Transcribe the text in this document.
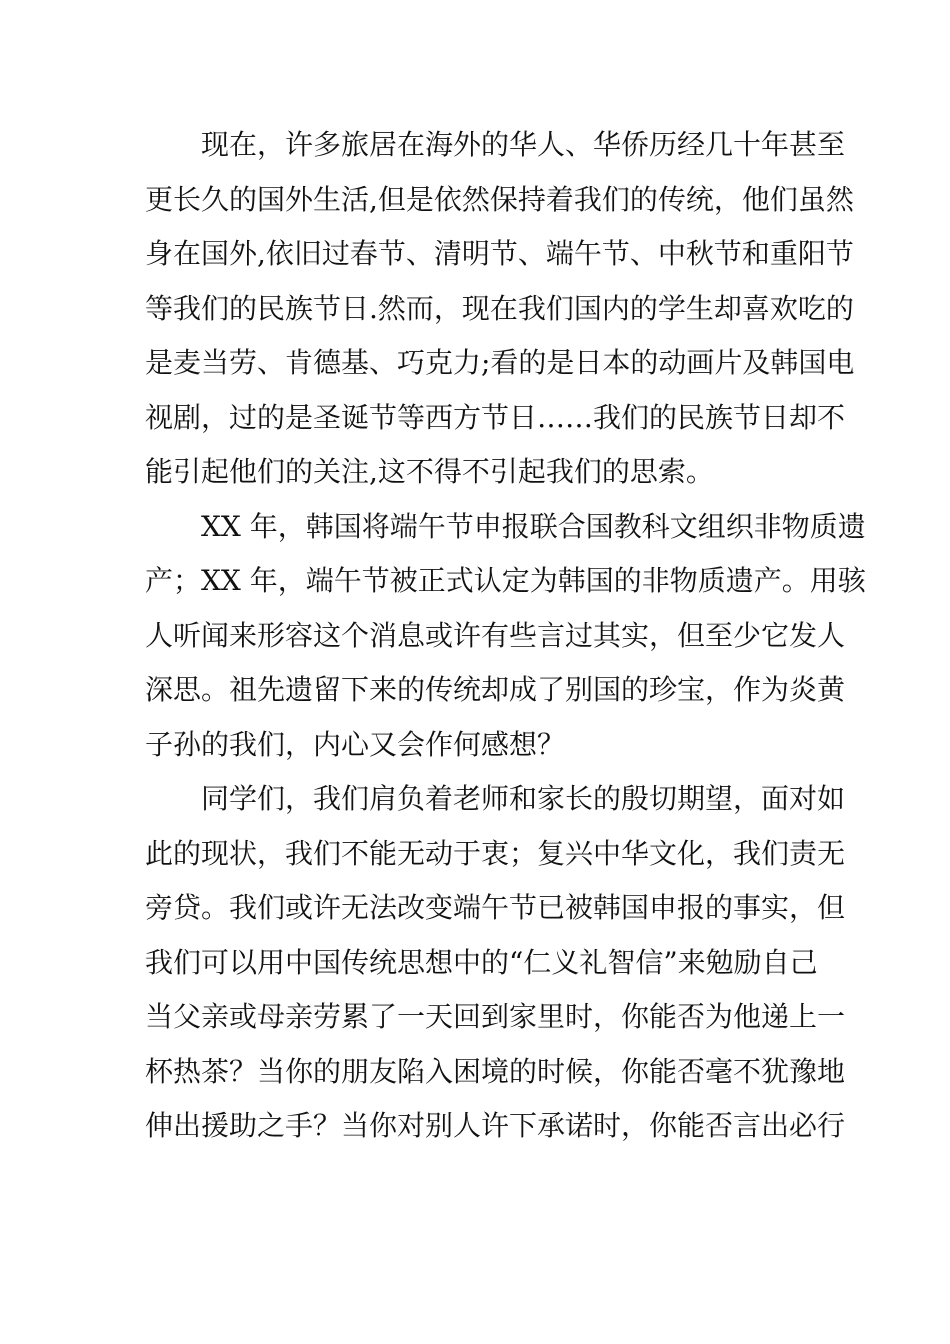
现在，许多旅居在海外的华人、华侨历经几十年甚至
更长久的国外生活,但是依然保持着我们的传统，他们虽然
身在国外,依旧过春节、清明节、端午节、中秋节和重阳节
等我们的民族节日.然而，现在我们国内的学生却喜欢吃的
是麦当劳、肯德基、巧克力;看的是日本的动画片及韩国电
视剧，过的是圣诞节等西方节日……我们的民族节日却不
能引起他们的关注,这不得不引起我们的思索。
XX 年，韩国将端午节申报联合国教科文组织非物质遗
产；XX 年，端午节被正式认定为韩国的非物质遗产。用骇
人听闻来形容这个消息或许有些言过其实，但至少它发人
深思。祖先遗留下来的传统却成了别国的珍宝，作为炎黄
子孙的我们，内心又会作何感想？
同学们，我们肩负着老师和家长的殷切期望，面对如
此的现状，我们不能无动于衷；复兴中华文化，我们责无
旁贷。我们或许无法改变端午节已被韩国申报的事实，但
我们可以用中国传统思想中的“仁义礼智信”来勉励自己
当父亲或母亲劳累了一天回到家里时，你能否为他递上一
杯热茶？当你的朋友陷入困境的时候，你能否毫不犹豫地
伸出援助之手？当你对别人许下承诺时，你能否言出必行
